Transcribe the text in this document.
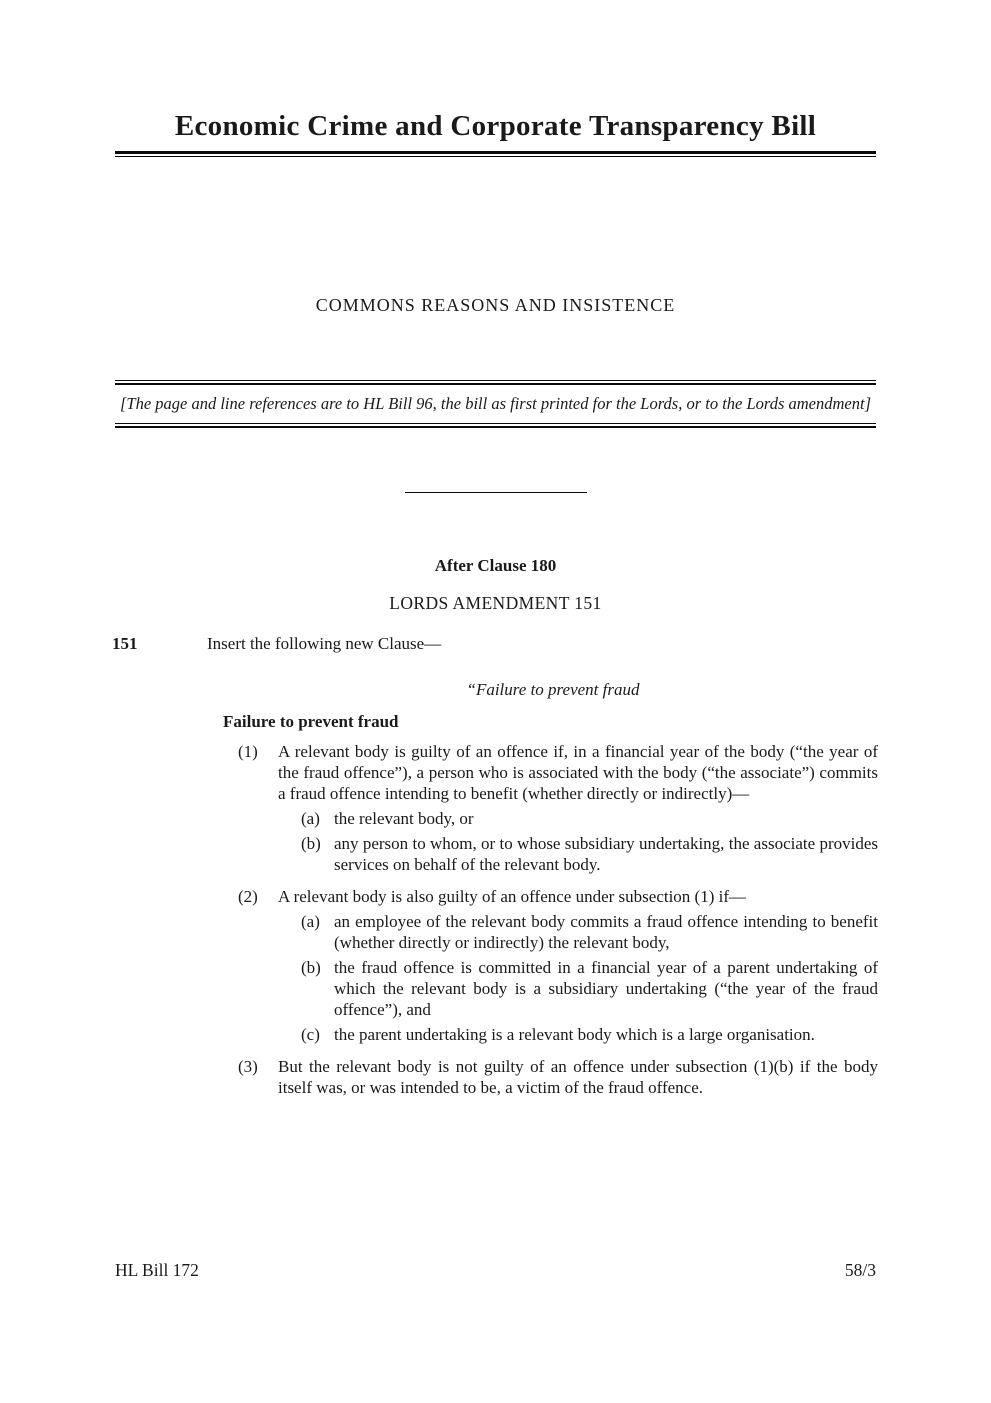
Economic Crime and Corporate Transparency Bill
COMMONS REASONS AND INSISTENCE
[The page and line references are to HL Bill 96, the bill as first printed for the Lords, or to the Lords amendment]
After Clause 180
LORDS AMENDMENT 151
151	Insert the following new Clause—
“Failure to prevent fraud
Failure to prevent fraud
(1) A relevant body is guilty of an offence if, in a financial year of the body (“the year of the fraud offence”), a person who is associated with the body (“the associate”) commits a fraud offence intending to benefit (whether directly or indirectly)—
(a) the relevant body, or
(b) any person to whom, or to whose subsidiary undertaking, the associate provides services on behalf of the relevant body.
(2) A relevant body is also guilty of an offence under subsection (1) if—
(a) an employee of the relevant body commits a fraud offence intending to benefit (whether directly or indirectly) the relevant body,
(b) the fraud offence is committed in a financial year of a parent undertaking of which the relevant body is a subsidiary undertaking (“the year of the fraud offence”), and
(c) the parent undertaking is a relevant body which is a large organisation.
(3) But the relevant body is not guilty of an offence under subsection (1)(b) if the body itself was, or was intended to be, a victim of the fraud offence.
HL Bill 172	58/3
